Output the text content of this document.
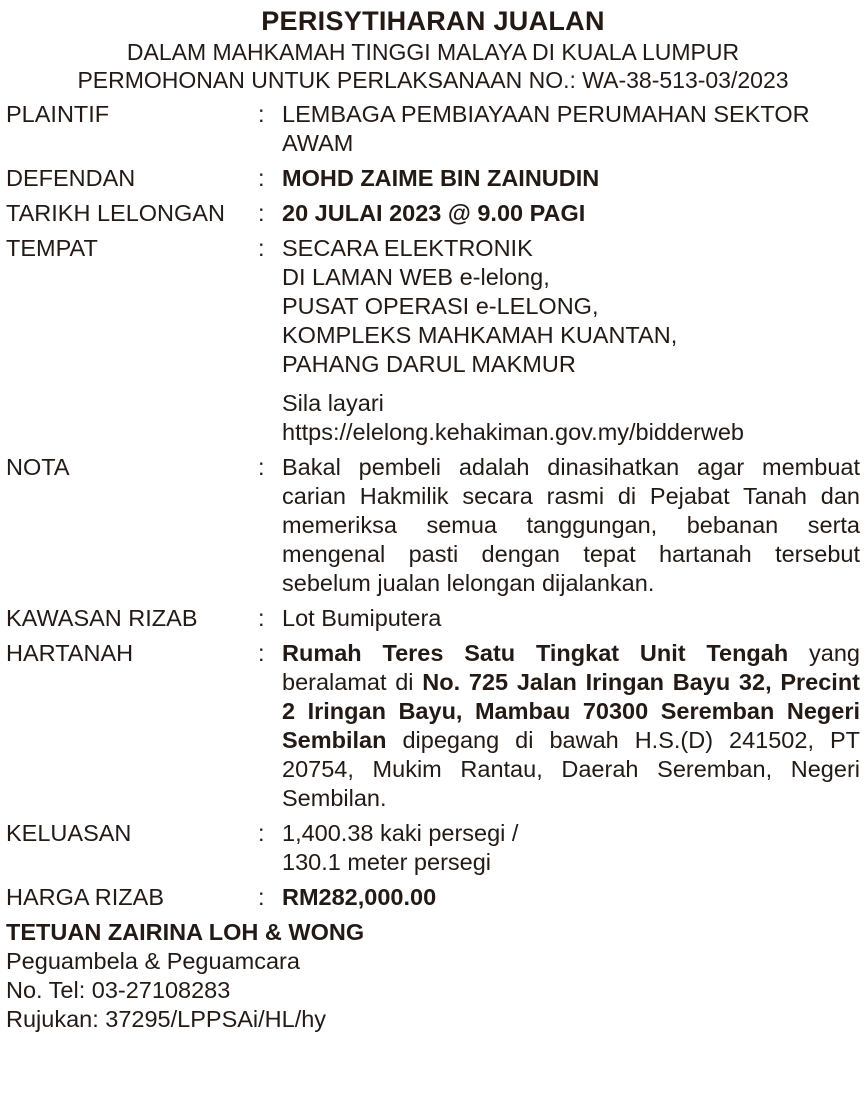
PERISYTIHARAN JUALAN
DALAM MAHKAMAH TINGGI MALAYA DI KUALA LUMPUR
PERMOHONAN UNTUK PERLAKSANAAN NO.: WA-38-513-03/2023
PLAINTIF	: LEMBAGA PEMBIAYAAN PERUMAHAN SEKTOR
AWAM
DEFENDAN	: MOHD ZAIME BIN ZAINUDIN
TARIKH LELONGAN	: 20 JULAI 2023 @ 9.00 PAGI
TEMPAT	: SECARA ELEKTRONIK
DI LAMAN WEB e-lelong,
PUSAT OPERASI e-LELONG,
KOMPLEKS MAHKAMAH KUANTAN,
PAHANG DARUL MAKMUR
Sila layari
https://elelong.kehakiman.gov.my/bidderweb
NOTA	: Bakal pembeli adalah dinasihatkan agar membuat carian Hakmilik secara rasmi di Pejabat Tanah dan memeriksa semua tanggungan, bebanan serta mengenal pasti dengan tepat hartanah tersebut sebelum jualan lelongan dijalankan.
KAWASAN RIZAB	: Lot Bumiputera
HARTANAH	: Rumah Teres Satu Tingkat Unit Tengah yang beralamat di No. 725 Jalan Iringan Bayu 32, Precint 2 Iringan Bayu, Mambau 70300 Seremban Negeri Sembilan dipegang di bawah H.S.(D) 241502, PT 20754, Mukim Rantau, Daerah Seremban, Negeri Sembilan.
KELUASAN	: 1,400.38 kaki persegi /
130.1 meter persegi
HARGA RIZAB	: RM282,000.00
TETUAN ZAIRINA LOH & WONG
Peguambela & Peguamcara
No. Tel: 03-27108283
Rujukan: 37295/LPPSAi/HL/hy
